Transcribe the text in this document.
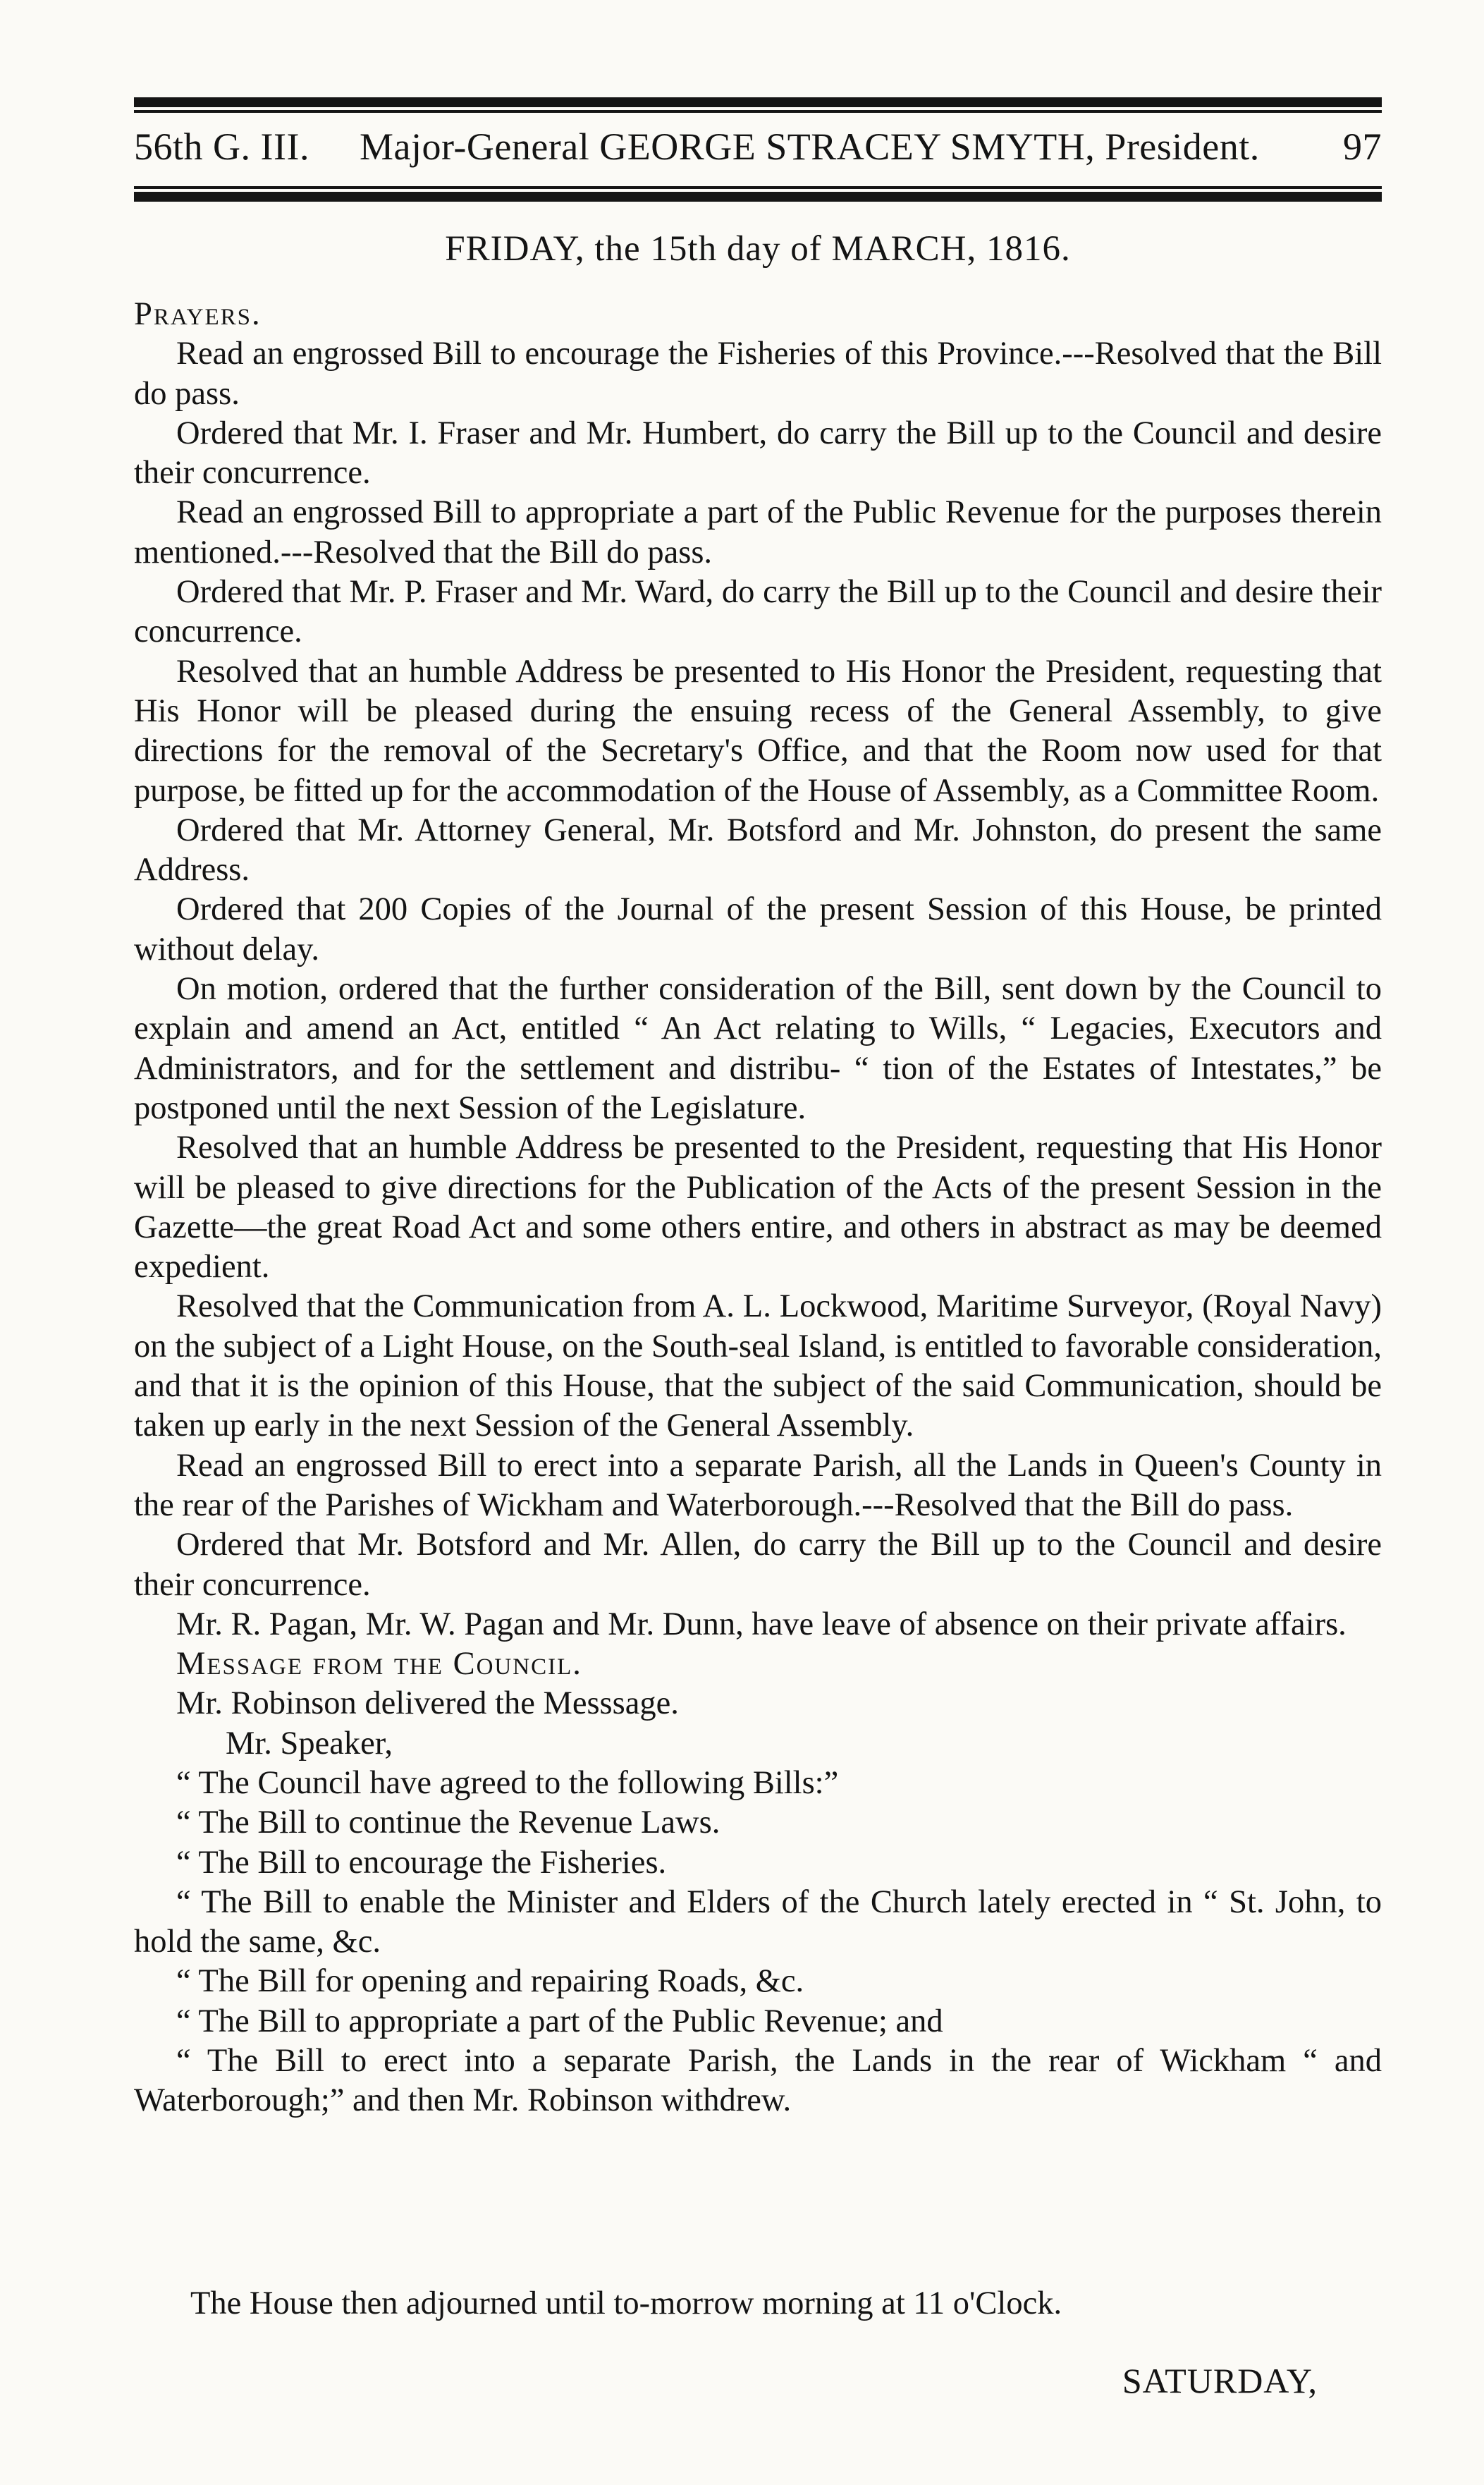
56th G. III. Major-General GEORGE STRACEY SMYTH, President. 97
FRIDAY, the 15th day of MARCH, 1816.

Prayers.

Read an engrossed Bill to encourage the Fisheries of this Province.---Resolved that the Bill do pass.

Ordered that Mr. I. Fraser and Mr. Humbert, do carry the Bill up to the Council and desire their concurrence.

Read an engrossed Bill to appropriate a part of the Public Revenue for the purposes therein mentioned.---Resolved that the Bill do pass.

Ordered that Mr. P. Fraser and Mr. Ward, do carry the Bill up to the Council and desire their concurrence.

Resolved that an humble Address be presented to His Honor the President, requesting that His Honor will be pleased during the ensuing recess of the General Assembly, to give directions for the removal of the Secretary's Office, and that the Room now used for that purpose, be fitted up for the accommodation of the House of Assembly, as a Committee Room.

Ordered that Mr. Attorney General, Mr. Botsford and Mr. Johnston, do present the same Address.

Ordered that 200 Copies of the Journal of the present Session of this House, be printed without delay.

On motion, ordered that the further consideration of the Bill, sent down by the Council to explain and amend an Act, entitled “ An Act relating to Wills, “ Legacies, Executors and Administrators, and for the settlement and distribu- “ tion of the Estates of Intestates,” be postponed until the next Session of the Legislature.

Resolved that an humble Address be presented to the President, requesting that His Honor will be pleased to give directions for the Publication of the Acts of the present Session in the Gazette—the great Road Act and some others entire, and others in abstract as may be deemed expedient.

Resolved that the Communication from A. L. Lockwood, Maritime Surveyor, (Royal Navy) on the subject of a Light House, on the South-seal Island, is entitled to favorable consideration, and that it is the opinion of this House, that the subject of the said Communication, should be taken up early in the next Session of the General Assembly.

Read an engrossed Bill to erect into a separate Parish, all the Lands in Queen's County in the rear of the Parishes of Wickham and Waterborough.---Resolved that the Bill do pass.

Ordered that Mr. Botsford and Mr. Allen, do carry the Bill up to the Council and desire their concurrence.

Mr. R. Pagan, Mr. W. Pagan and Mr. Dunn, have leave of absence on their private affairs.

Message from the Council.

Mr. Robinson delivered the Messsage.

Mr. Speaker,

“ The Council have agreed to the following Bills:”

“ The Bill to continue the Revenue Laws.

“ The Bill to encourage the Fisheries.

“ The Bill to enable the Minister and Elders of the Church lately erected in “ St. John, to hold the same, &c.

“ The Bill for opening and repairing Roads, &c.

“ The Bill to appropriate a part of the Public Revenue; and

“ The Bill to erect into a separate Parish, the Lands in the rear of Wickham “ and Waterborough;” and then Mr. Robinson withdrew.

The House then adjourned until to-morrow morning at 11 o'Clock.
SATURDAY,
